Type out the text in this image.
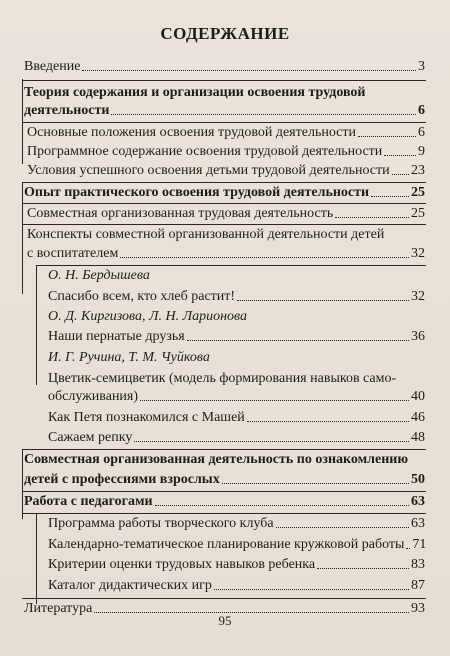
СОДЕРЖАНИЕ
Введение	3
Теория содержания и организации освоения трудовой
деятельности	6
Основные положения освоения трудовой деятельности	6
Программное содержание освоения трудовой деятельности	9
Условия успешного освоения детьми трудовой деятельности 23
Опыт практического освоения трудовой деятельности	25
Совместная организованная трудовая деятельность	25
Конспекты совместной организованной деятельности детей
с воспитателем	32
О. Н. Бердышева
Спасибо всем, кто хлеб растит!	32
О. Д. Киргизова, Л. Н. Ларионова
Наши пернатые друзья	36
И. Г. Ручина, Т. М. Чуйкова
Цветик-семицветик (модель формирования навыков само-
обслуживания)	40
Как Петя познакомился с Машей	46
Сажаем репку	48
Совместная организованная деятельность по ознакомлению
детей с профессиями взрослых	50
Работа с педагогами	63
Программа работы творческого клуба	63
Календарно-тематическое планирование кружковой работы 71
Критерии оценки трудовых навыков ребенка	83
Каталог дидактических игр	87
Литература	93
95
